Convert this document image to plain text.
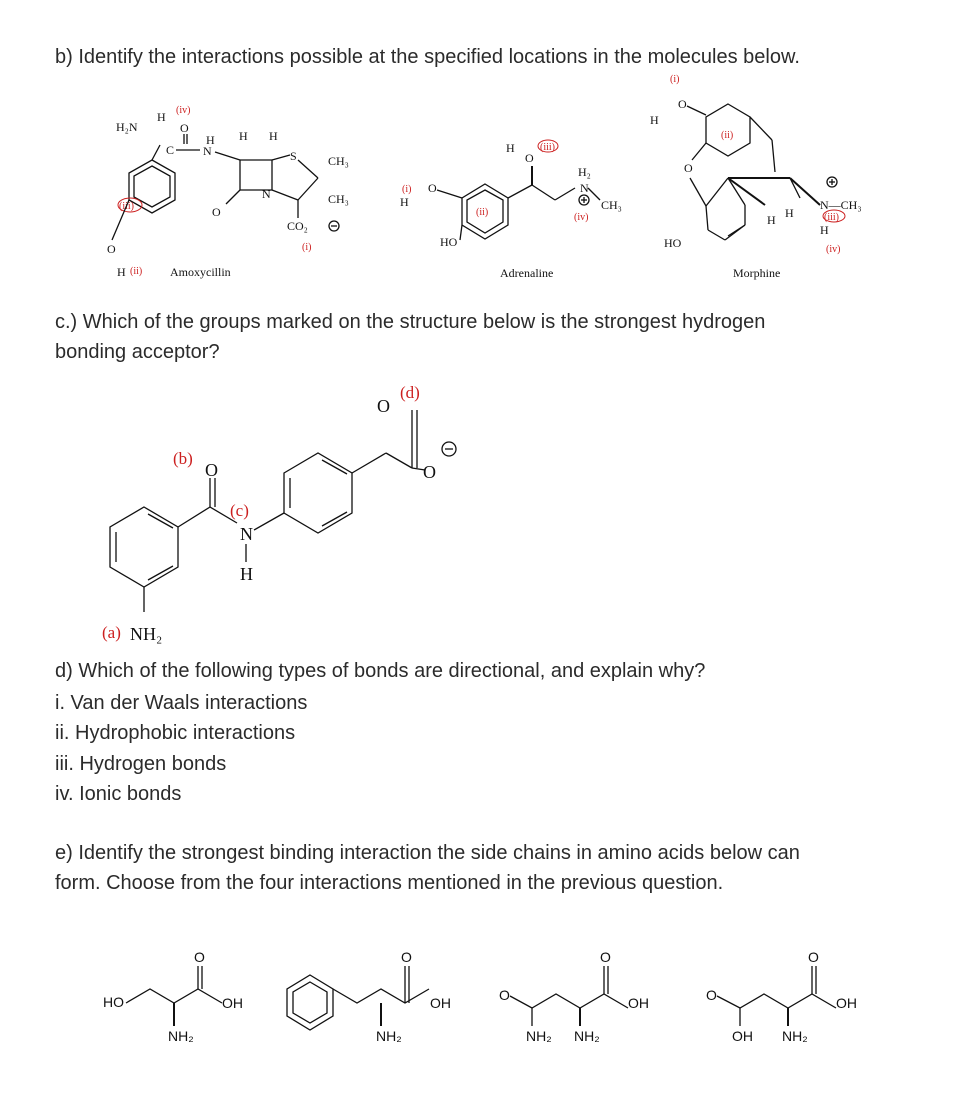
b) Identify the interactions possible at the specified locations in the molecules below.

c.) Which of the groups marked on the structure below is the strongest hydrogen

bonding acceptor?

d) Which of the following types of bonds are directional, and explain why?

i. Van der Waals interactions

ii. Hydrophobic interactions

iii. Hydrogen bonds

iv. Ionic bonds

e) Identify the strongest binding interaction the side chains in amino acids below can

form. Choose from the four interactions mentioned in the previous question.

H₂N
H (iv)
O
C N
H H H
S	CH₃
CH₃
N
O
CO₂
(i)
(iii)
O
H (ii) Amoxycillin
(i)
H
O
(ii)
HO
H
O
(iii)
H₂
N
CH₃
(iv)
Adrenaline
(i)
H
O
(ii)
O
HO
H H
N—CH₃
(iii)
H
(iv)
Morphine
(a) NH₂
O
(b)
(c)
N
H
O
(d)
O
HO
O
OH
NH₂
O
OH
NH₂
O
O
OH
NH₂ NH₂
O
O
OH
OH NH₂
